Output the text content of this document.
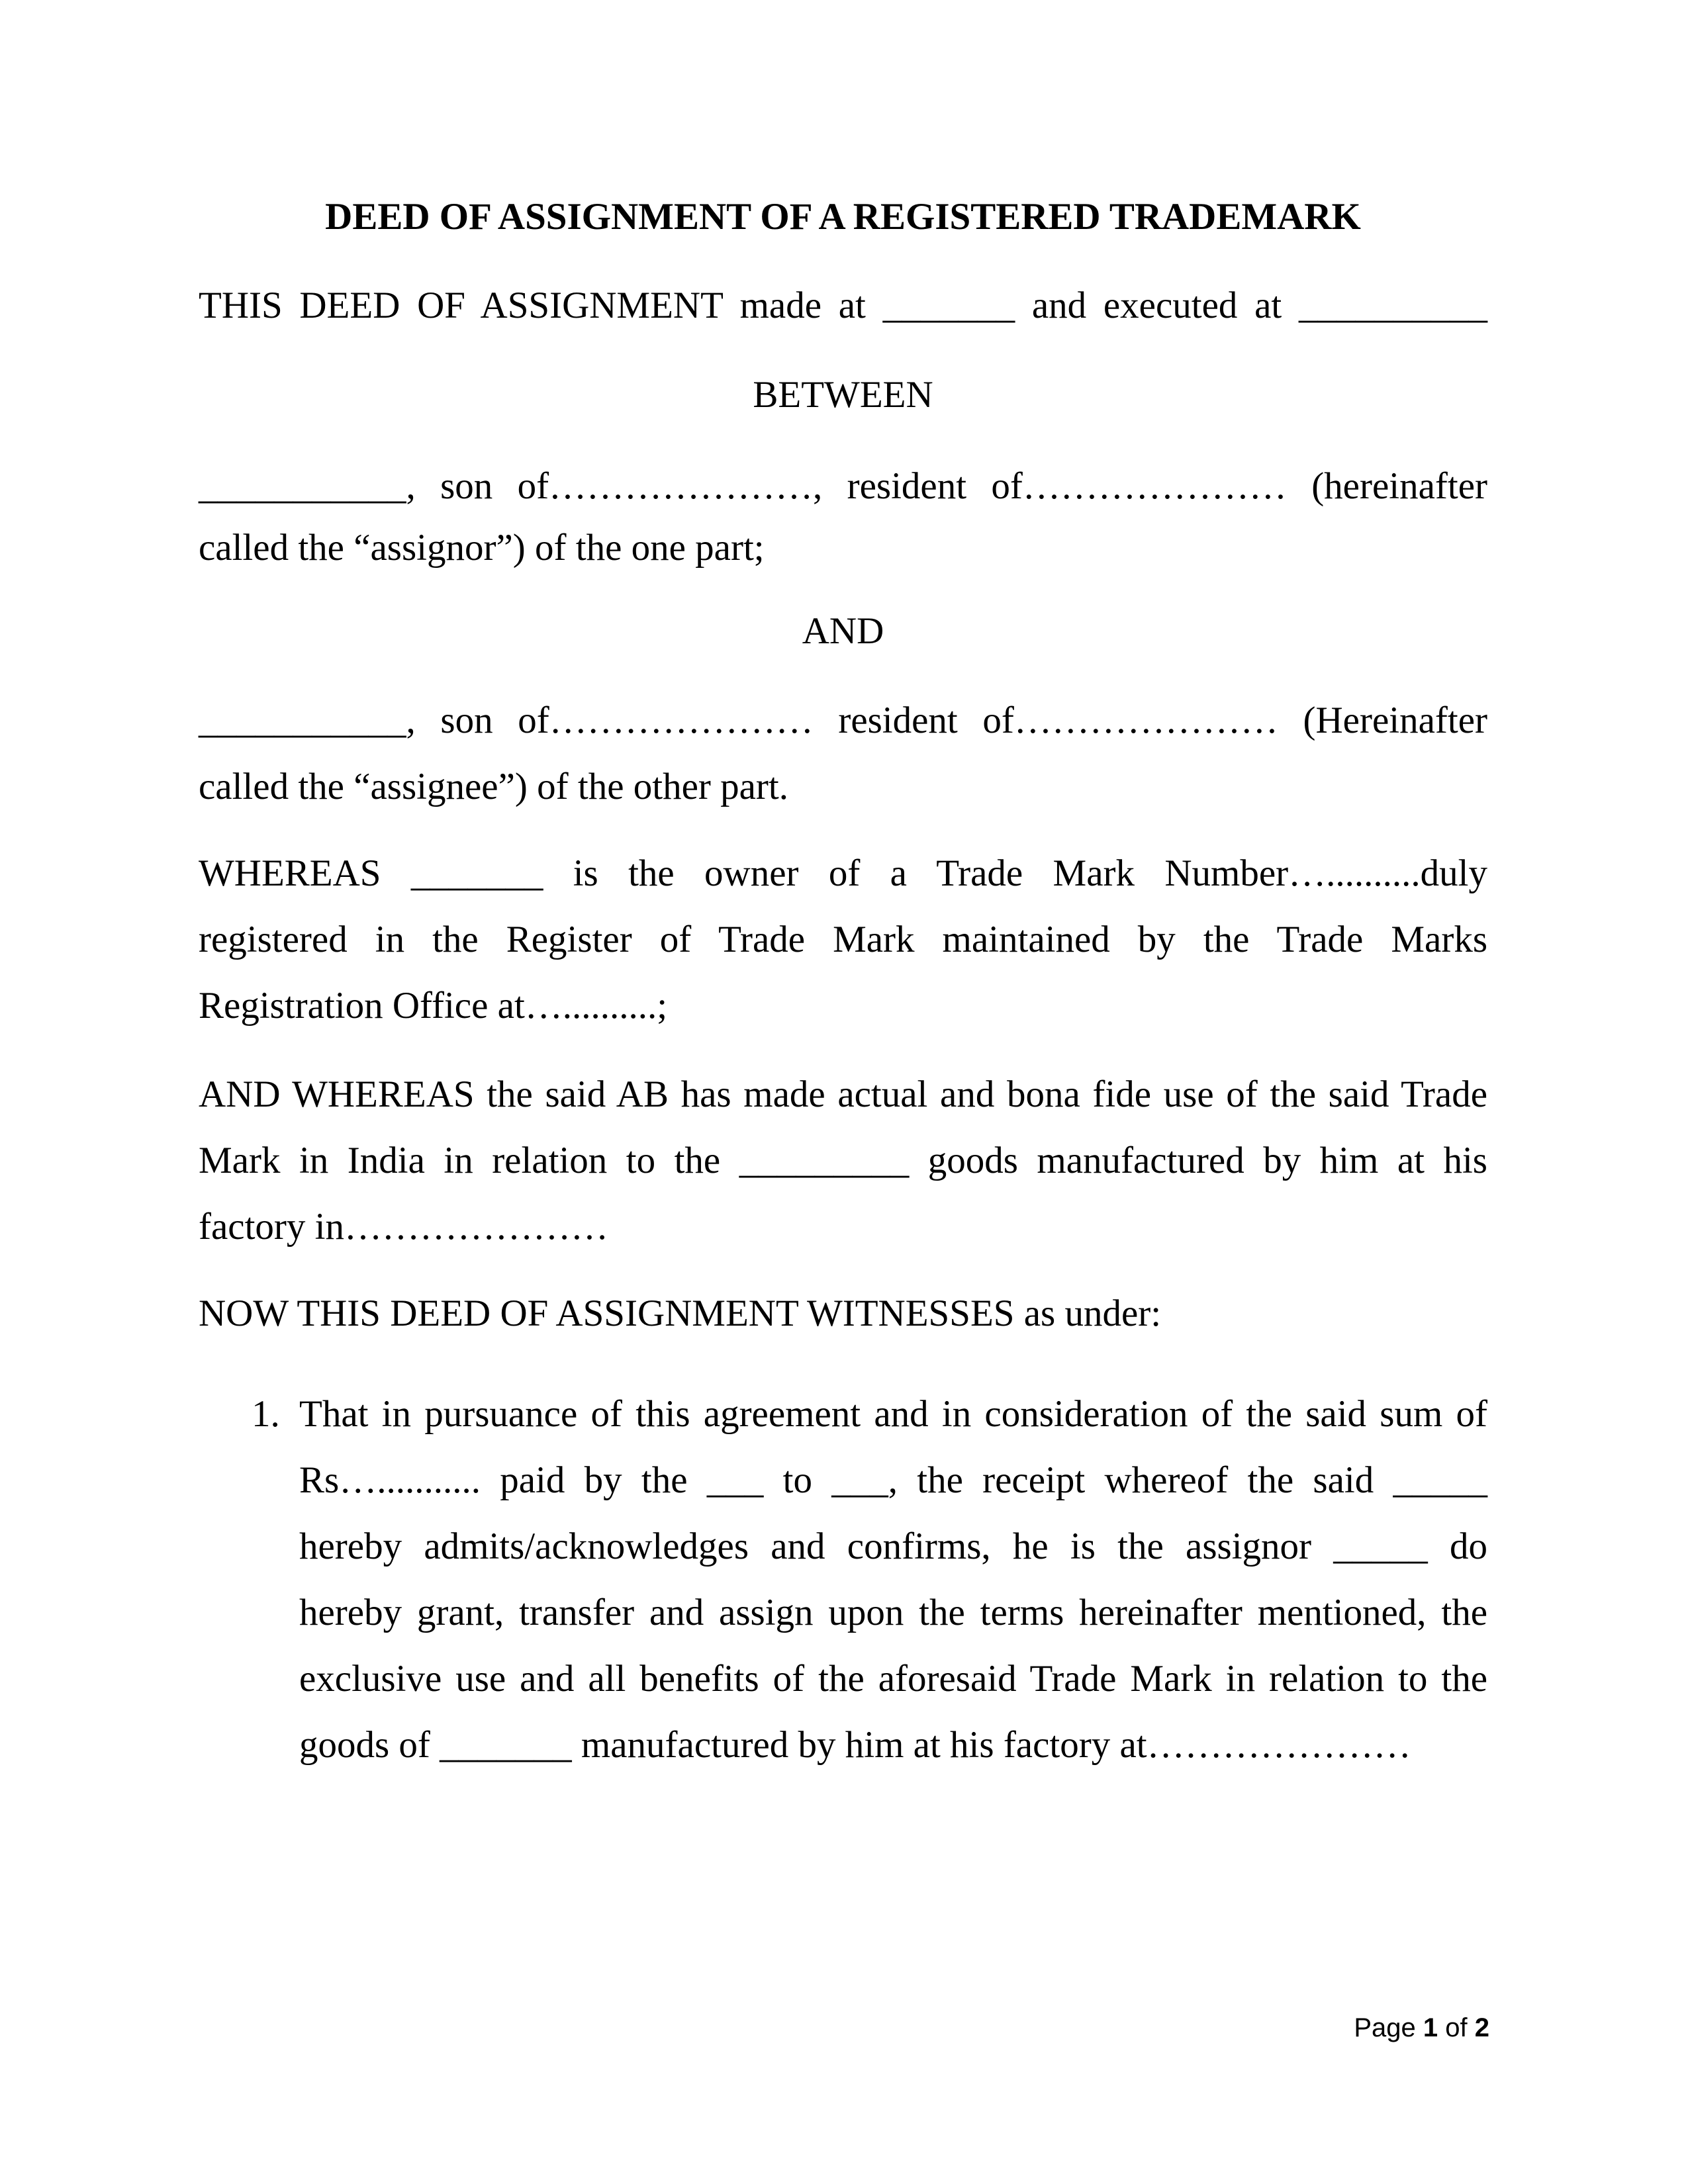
DEED OF ASSIGNMENT OF A REGISTERED TRADEMARK
THIS DEED OF ASSIGNMENT made at _______ and executed at __________
BETWEEN
___________, son of…………………, resident of………………… (hereinafter
called the “assignor”) of the one part;
AND
___________, son of………………… resident of………………… (Hereinafter
called the “assignee”) of the other part.
WHEREAS _______ is the owner of a Trade Mark Number…..........duly
registered in the Register of Trade Mark maintained by the Trade Marks
Registration Office at…..........;
AND WHEREAS the said AB has made actual and bona fide use of the said Trade
Mark in India in relation to the _________ goods manufactured by him at his
factory in…………………
NOW THIS DEED OF ASSIGNMENT WITNESSES as under:
1. That in pursuance of this agreement and in consideration of the said sum of
Rs…........... paid by the ___ to ___, the receipt whereof the said _____
hereby admits/acknowledges and confirms, he is the assignor _____ do
hereby grant, transfer and assign upon the terms hereinafter mentioned, the
exclusive use and all benefits of the aforesaid Trade Mark in relation to the
goods of _______ manufactured by him at his factory at…………………
Page 1 of 2
